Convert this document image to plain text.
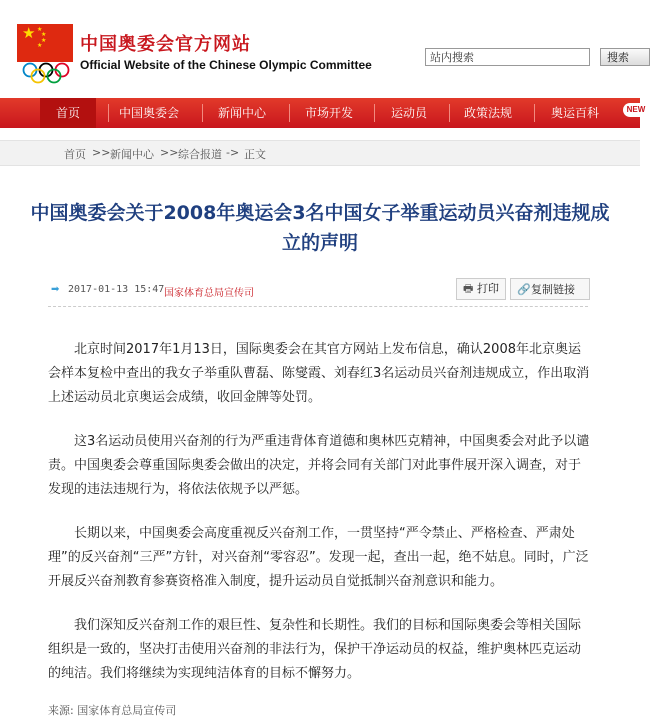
★ ★
★
★
★ 中国奥委会官方网站
Official Website of the Chinese Olympic Committee
站内搜索
搜索
首页	中国奥委会	新闻中心	市场开发	运动员	政策法规	奥运百科	NEW
首页 >> 新闻中心 >> 综合报道 -> 正文
中国奥委会关于2008年奥运会3名中国女子举重运动员兴奋剂违规成
立的声明
➡ 2017-01-13 15:47 国家体育总局宣传司	🖶 打印	🔗复制链接

北京时间2017年1月13日，国际奥委会在其官方网站上发布信息，确认2008年北京奥运会样本复检中查出的我女子举重队曹磊、陈燮霞、刘春红3名运动员兴奋剂违规成立，作出取消上述运动员北京奥运会成绩，收回金牌等处罚。

这3名运动员使用兴奋剂的行为严重违背体育道德和奥林匹克精神，中国奥委会对此予以谴责。中国奥委会尊重国际奥委会做出的决定，并将会同有关部门对此事件展开深入调查，对于发现的违法违规行为，将依法依规予以严惩。

长期以来，中国奥委会高度重视反兴奋剂工作，一贯坚持“严令禁止、严格检查、严肃处理”的反兴奋剂“三严”方针，对兴奋剂“零容忍”。发现一起，查出一起，绝不姑息。同时，广泛开展反兴奋剂教育参赛资格准入制度，提升运动员自觉抵制兴奋剂意识和能力。

我们深知反兴奋剂工作的艰巨性、复杂性和长期性。我们的目标和国际奥委会等相关国际组织是一致的，坚决打击使用兴奋剂的非法行为，保护干净运动员的权益，维护奥林匹克运动的纯洁。我们将继续为实现纯洁体育的目标不懈努力。

来源: 国家体育总局宣传司
